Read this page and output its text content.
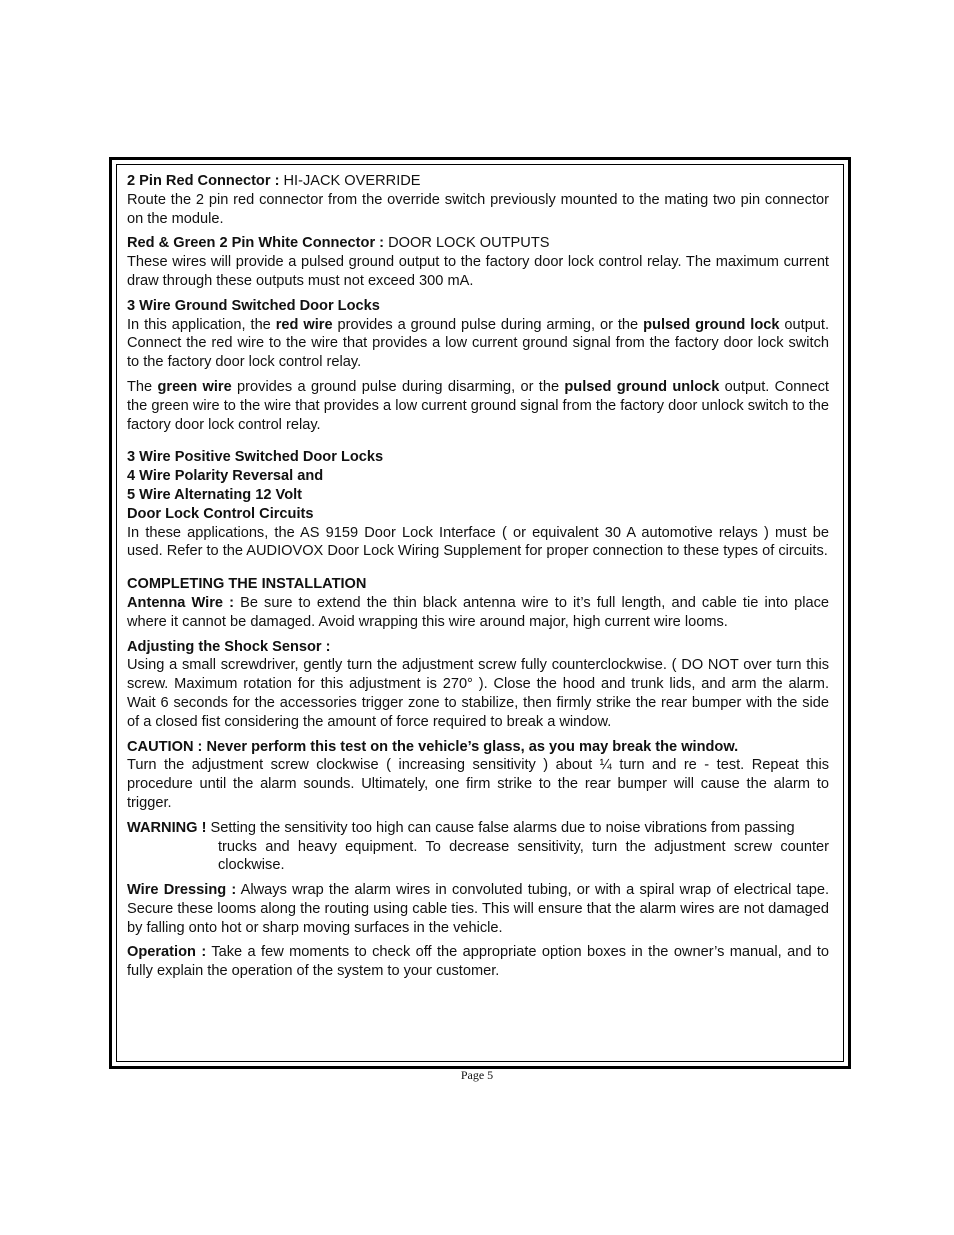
2 Pin Red Connector : HI-JACK OVERRIDE
Route the 2 pin red connector from the override switch previously mounted to the mating two pin connector on the module.

Red & Green 2 Pin White Connector : DOOR LOCK OUTPUTS
These wires will provide a pulsed ground output to the factory door lock control relay. The maximum current draw through these outputs must not exceed 300 mA.

3 Wire Ground Switched Door Locks
In this application, the red wire provides a ground pulse during arming, or the pulsed ground lock output. Connect the red wire to the wire that provides a low current ground signal from the factory door lock switch to the factory door lock control relay.

The green wire provides a ground pulse during disarming, or the pulsed ground unlock output. Connect the green wire to the wire that provides a low current ground signal from the factory door unlock switch to the factory door lock control relay.

3 Wire Positive Switched Door Locks
4 Wire Polarity Reversal and
5 Wire Alternating 12 Volt
Door Lock Control Circuits
In these applications, the AS 9159 Door Lock Interface ( or equivalent 30 A automotive relays ) must be used. Refer to the AUDIOVOX Door Lock Wiring Supplement for proper connection to these types of circuits.

COMPLETING THE INSTALLATION
Antenna Wire : Be sure to extend the thin black antenna wire to it’s full length, and cable tie into place where it cannot be damaged. Avoid wrapping this wire around major, high current wire looms.

Adjusting the Shock Sensor :
Using a small screwdriver, gently turn the adjustment screw fully counterclockwise. ( DO NOT over turn this screw. Maximum rotation for this adjustment is 270° ). Close the hood and trunk lids, and arm the alarm. Wait 6 seconds for the accessories trigger zone to stabilize, then firmly strike the rear bumper with the side of a closed fist considering the amount of force required to break a window.

CAUTION : Never perform this test on the vehicle’s glass, as you may break the window.
Turn the adjustment screw clockwise ( increasing sensitivity ) about ¼ turn and re - test. Repeat this procedure until the alarm sounds. Ultimately, one firm strike to the rear bumper will cause the alarm to trigger.

WARNING ! Setting the sensitivity too high can cause false alarms due to noise vibrations from passing

trucks and heavy equipment. To decrease sensitivity, turn the adjustment screw counter clockwise.

Wire Dressing : Always wrap the alarm wires in convoluted tubing, or with a spiral wrap of electrical tape. Secure these looms along the routing using cable ties. This will ensure that the alarm wires are not damaged by falling onto hot or sharp moving surfaces in the vehicle.

Operation : Take a few moments to check off the appropriate option boxes in the owner’s manual, and to fully explain the operation of the system to your customer.

Page 5
